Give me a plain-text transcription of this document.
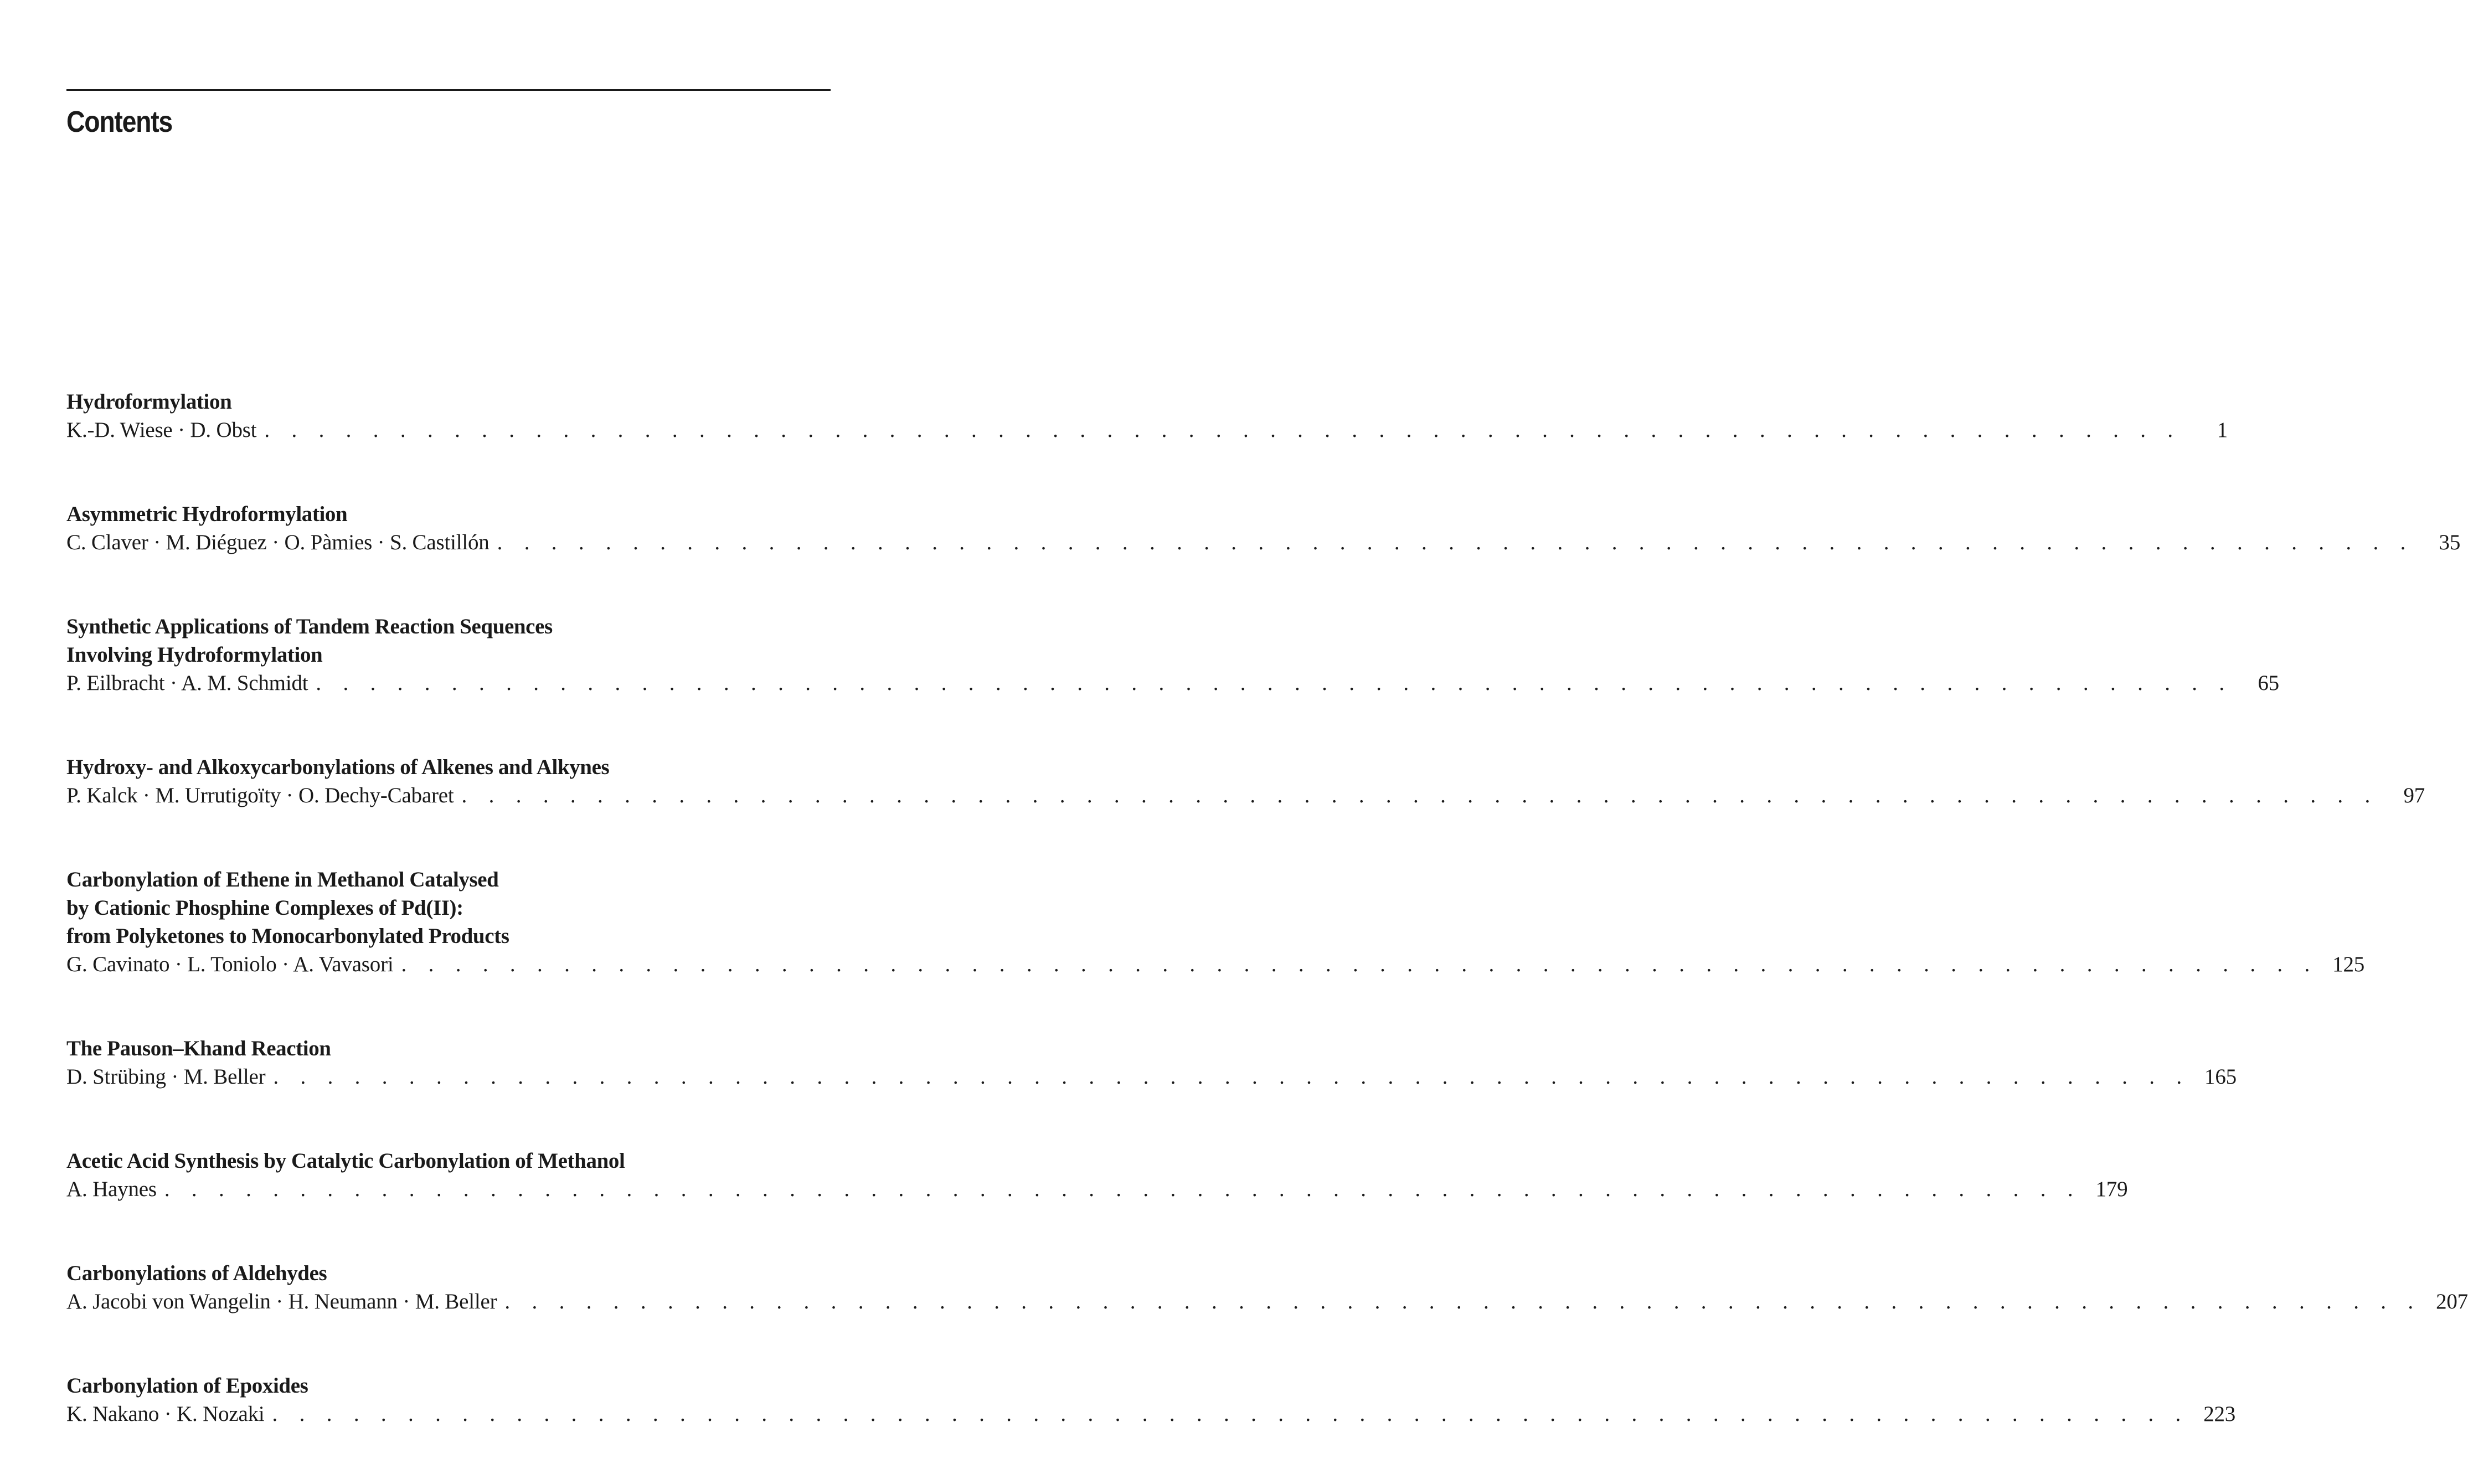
Contents
Hydroformylation
K.-D. Wiese · D. Obst . . . . . . . . . . . . . . . . . . . . . . . . . . . . . . . . . . . . . . . . . . . . . . . . . . . . . . . . . . . . . . . . . . . . . . .	1
Asymmetric Hydroformylation
C. Claver · M. Diéguez · O. Pàmies · S. Castillón . . . . . . . . . . . . . . . . . . . . . . . . . . . . . . . . . . . . . . . . . . . . . . . . . . . . . . . . . . . . . . . . . . . . . . .	35
Synthetic Applications of Tandem Reaction Sequences
Involving Hydroformylation
P. Eilbracht · A. M. Schmidt . . . . . . . . . . . . . . . . . . . . . . . . . . . . . . . . . . . . . . . . . . . . . . . . . . . . . . . . . . . . . . . . . . . . . . .	65
Hydroxy- and Alkoxycarbonylations of Alkenes and Alkynes
P. Kalck · M. Urrutigoïty · O. Dechy-Cabaret . . . . . . . . . . . . . . . . . . . . . . . . . . . . . . . . . . . . . . . . . . . . . . . . . . . . . . . . . . . . . . . . . . . . . . .	97
Carbonylation of Ethene in Methanol Catalysed
by Cationic Phosphine Complexes of Pd(II):
from Polyketones to Monocarbonylated Products
G. Cavinato · L. Toniolo · A. Vavasori . . . . . . . . . . . . . . . . . . . . . . . . . . . . . . . . . . . . . . . . . . . . . . . . . . . . . . . . . . . . . . . . . . . . . . . 125
The Pauson–Khand Reaction
D. Strübing · M. Beller . . . . . . . . . . . . . . . . . . . . . . . . . . . . . . . . . . . . . . . . . . . . . . . . . . . . . . . . . . . . . . . . . . . . . . . 165
Acetic Acid Synthesis by Catalytic Carbonylation of Methanol
A. Haynes . . . . . . . . . . . . . . . . . . . . . . . . . . . . . . . . . . . . . . . . . . . . . . . . . . . . . . . . . . . . . . . . . . . . . . . 179
Carbonylations of Aldehydes
A. Jacobi von Wangelin · H. Neumann · M. Beller . . . . . . . . . . . . . . . . . . . . . . . . . . . . . . . . . . . . . . . . . . . . . . . . . . . . . . . . . . . . . . . . . . . . . . . 207
Carbonylation of Epoxides
K. Nakano · K. Nozaki . . . . . . . . . . . . . . . . . . . . . . . . . . . . . . . . . . . . . . . . . . . . . . . . . . . . . . . . . . . . . . . . . . . . . . . 223
